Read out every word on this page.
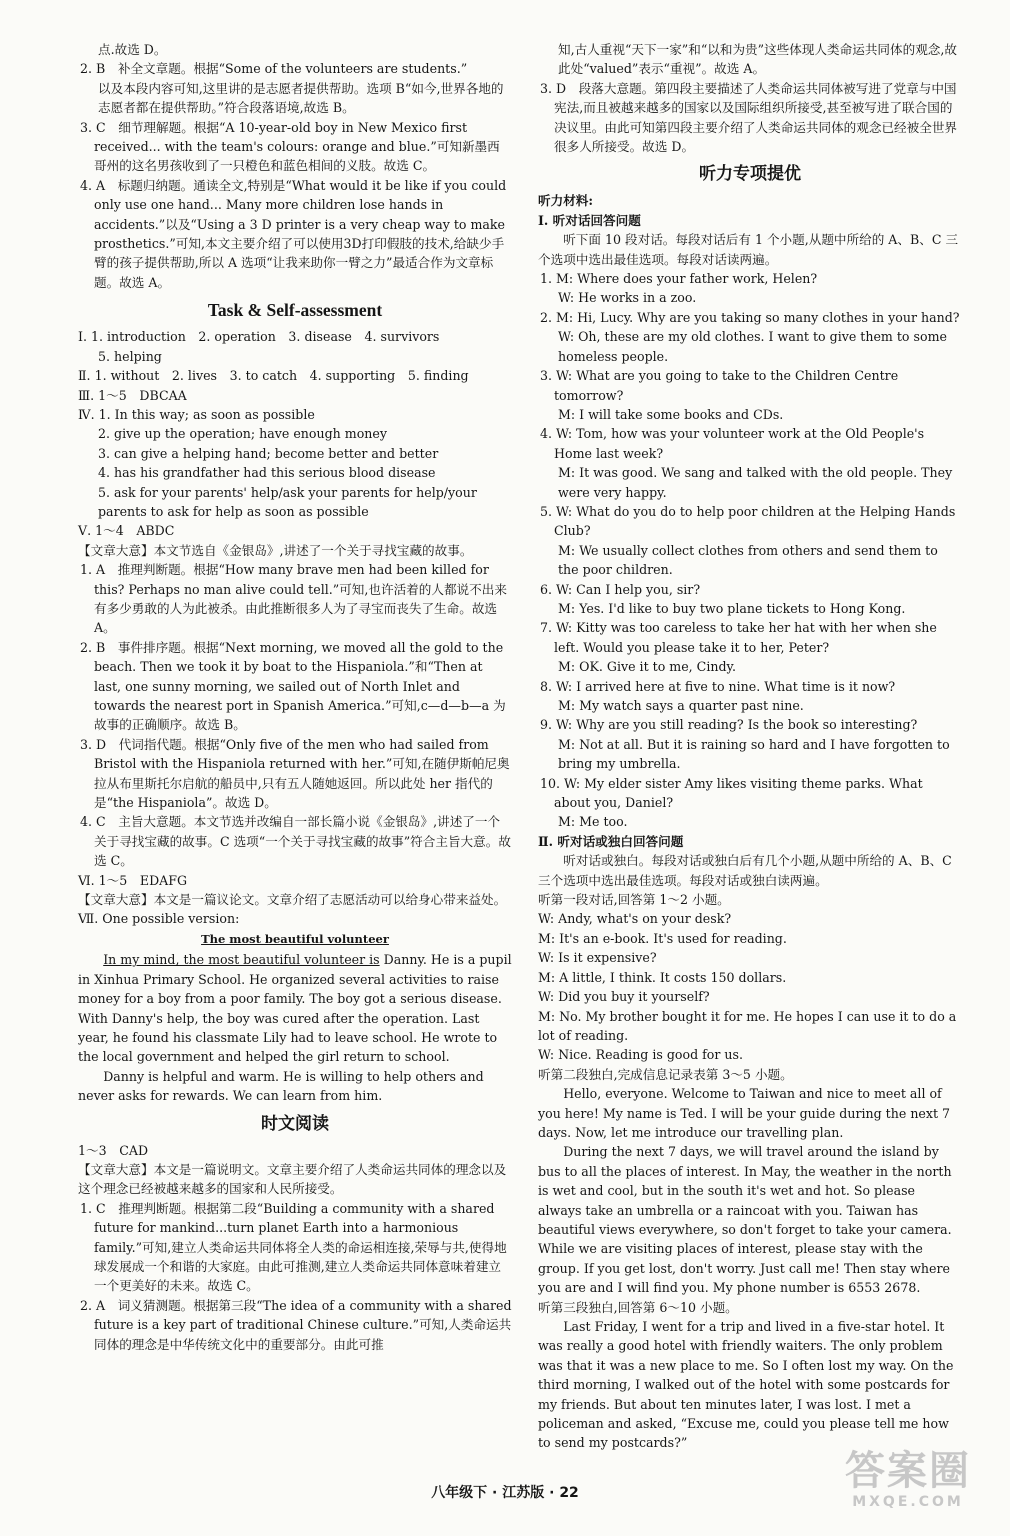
点.故选 D。

2. B　补全文章题。根据“Some of the volunteers are students.”

以及本段内容可知,这里讲的是志愿者提供帮助。选项 B“如今,世界各地的志愿者都在提供帮助。”符合段落语境,故选 B。

3. C　细节理解题。根据“A 10-year-old boy in New Mexico first received... with the team's colours: orange and blue.”可知新墨西哥州的这名男孩收到了一只橙色和蓝色相间的义肢。故选 C。

4. A　标题归纳题。通读全文,特别是“What would it be like if you could only use one hand... Many more children lose hands in accidents.”以及“Using a 3 D printer is a very cheap way to make prosthetics.”可知,本文主要介绍了可以使用3D打印假肢的技术,给缺少手臂的孩子提供帮助,所以 A 选项“让我来助你一臂之力”最适合作为文章标题。故选 A。

Task & Self-assessment

Ⅰ. 1. introduction　2. operation　3. disease　4. survivors

5. helping

Ⅱ. 1. without　2. lives　3. to catch　4. supporting　5. finding

Ⅲ. 1～5　DBCAA

Ⅳ. 1. In this way; as soon as possible

2. give up the operation; have enough money

3. can give a helping hand; become better and better

4. has his grandfather had this serious blood disease

5. ask for your parents' help/ask your parents for help/your parents to ask for help as soon as possible

Ⅴ. 1～4　ABDC

【文章大意】本文节选自《金银岛》,讲述了一个关于寻找宝藏的故事。

1. A　推理判断题。根据“How many brave men had been killed for this? Perhaps no man alive could tell.”可知,也许活着的人都说不出来有多少勇敢的人为此被杀。由此推断很多人为了寻宝而丧失了生命。故选 A。

2. B　事件排序题。根据“Next morning, we moved all the gold to the beach. Then we took it by boat to the Hispaniola.”和“Then at last, one sunny morning, we sailed out of North Inlet and towards the nearest port in Spanish America.”可知,c—d—b—a 为故事的正确顺序。故选 B。

3. D　代词指代题。根据“Only five of the men who had sailed from Bristol with the Hispaniola returned with her.”可知,在随伊斯帕尼奥拉从布里斯托尔启航的船员中,只有五人随她返回。所以此处 her 指代的是“the Hispaniola”。故选 D。

4. C　主旨大意题。本文节选并改编自一部长篇小说《金银岛》,讲述了一个关于寻找宝藏的故事。C 选项“一个关于寻找宝藏的故事”符合主旨大意。故选 C。

Ⅵ. 1～5　EDAFG

【文章大意】本文是一篇议论文。文章介绍了志愿活动可以给身心带来益处。

Ⅶ. One possible version:

The most beautiful volunteer

In my mind, the most beautiful volunteer is Danny. He is a pupil in Xinhua Primary School. He organized several activities to raise money for a boy from a poor family. The boy got a serious disease. With Danny's help, the boy was cured after the operation. Last year, he found his classmate Lily had to leave school. He wrote to the local government and helped the girl return to school.

Danny is helpful and warm. He is willing to help others and never asks for rewards. We can learn from him.

时文阅读

1～3　CAD

【文章大意】本文是一篇说明文。文章主要介绍了人类命运共同体的理念以及这个理念已经被越来越多的国家和人民所接受。

1. C　推理判断题。根据第二段“Building a community with a shared future for mankind...turn planet Earth into a harmonious family.”可知,建立人类命运共同体将全人类的命运相连接,荣辱与共,使得地球发展成一个和谐的大家庭。由此可推测,建立人类命运共同体意味着建立一个更美好的未来。故选 C。

2. A　词义猜测题。根据第三段“The idea of a community with a shared future is a key part of traditional Chinese culture.”可知,人类命运共同体的理念是中华传统文化中的重要部分。由此可推

知,古人重视“天下一家”和“以和为贵”这些体现人类命运共同体的观念,故此处“valued”表示“重视”。故选 A。

3. D　段落大意题。第四段主要描述了人类命运共同体被写进了党章与中国宪法,而且被越来越多的国家以及国际组织所接受,甚至被写进了联合国的决议里。由此可知第四段主要介绍了人类命运共同体的观念已经被全世界很多人所接受。故选 D。

听力专项提优

听力材料:

Ⅰ. 听对话回答问题

听下面 10 段对话。每段对话后有 1 个小题,从题中所给的 A、B、C 三个选项中选出最佳选项。每段对话读两遍。

1. M: Where does your father work, Helen?

W: He works in a zoo.

2. M: Hi, Lucy. Why are you taking so many clothes in your hand?

W: Oh, these are my old clothes. I want to give them to some homeless people.

3. W: What are you going to take to the Children Centre tomorrow?

M: I will take some books and CDs.

4. W: Tom, how was your volunteer work at the Old People's Home last week?

M: It was good. We sang and talked with the old people. They were very happy.

5. W: What do you do to help poor children at the Helping Hands Club?

M: We usually collect clothes from others and send them to the poor children.

6. W: Can I help you, sir?

M: Yes. I'd like to buy two plane tickets to Hong Kong.

7. W: Kitty was too careless to take her hat with her when she left. Would you please take it to her, Peter?

M: OK. Give it to me, Cindy.

8. W: I arrived here at five to nine. What time is it now?

M: My watch says a quarter past nine.

9. W: Why are you still reading? Is the book so interesting?

M: Not at all. But it is raining so hard and I have forgotten to bring my umbrella.

10. W: My elder sister Amy likes visiting theme parks. What about you, Daniel?

M: Me too.

Ⅱ. 听对话或独白回答问题

听对话或独白。每段对话或独白后有几个小题,从题中所给的 A、B、C 三个选项中选出最佳选项。每段对话或独白读两遍。

听第一段对话,回答第 1～2 小题。

W: Andy, what's on your desk?

M: It's an e-book. It's used for reading.

W: Is it expensive?

M: A little, I think. It costs 150 dollars.

W: Did you buy it yourself?

M: No. My brother bought it for me. He hopes I can use it to do a lot of reading.

W: Nice. Reading is good for us.

听第二段独白,完成信息记录表第 3～5 小题。

Hello, everyone. Welcome to Taiwan and nice to meet all of you here! My name is Ted. I will be your guide during the next 7 days. Now, let me introduce our travelling plan.

During the next 7 days, we will travel around the island by bus to all the places of interest. In May, the weather in the north is wet and cool, but in the south it's wet and hot. So please always take an umbrella or a raincoat with you. Taiwan has beautiful views everywhere, so don't forget to take your camera. While we are visiting places of interest, please stay with the group. If you get lost, don't worry. Just call me! Then stay where you are and I will find you. My phone number is 6553 2678.

听第三段独白,回答第 6～10 小题。

Last Friday, I went for a trip and lived in a five-star hotel. It was really a good hotel with friendly waiters. The only problem was that it was a new place to me. So I often lost my way. On the third morning, I walked out of the hotel with some postcards for my friends. But about ten minutes later, I was lost. I met a policeman and asked, “Excuse me, could you please tell me how to send my postcards?”

八年级下 · 江苏版 · 22	答案圈
MXQE.COM
